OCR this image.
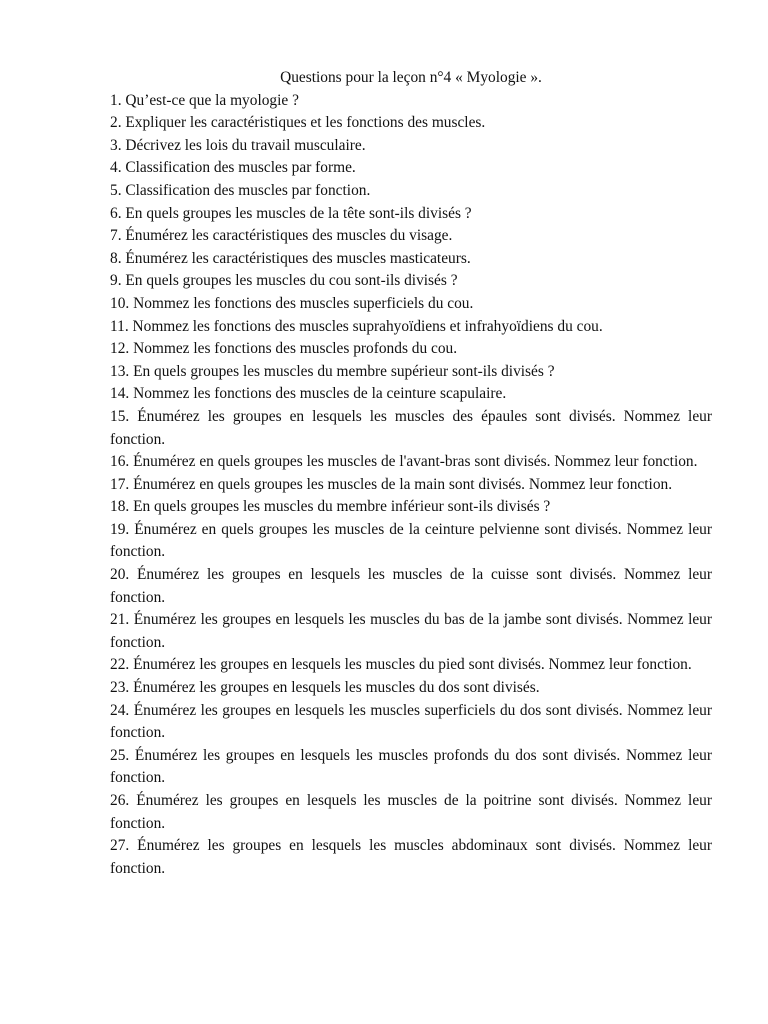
Questions pour la leçon n°4 « Myologie ».

1. Qu’est-ce que la myologie ?
2. Expliquer les caractéristiques et les fonctions des muscles.
3. Décrivez les lois du travail musculaire.
4. Classification des muscles par forme.
5. Classification des muscles par fonction.
6. En quels groupes les muscles de la tête sont-ils divisés ?
7. Énumérez les caractéristiques des muscles du visage.
8. Énumérez les caractéristiques des muscles masticateurs.
9. En quels groupes les muscles du cou sont-ils divisés ?
10. Nommez les fonctions des muscles superficiels du cou.
11. Nommez les fonctions des muscles suprahyoïdiens et infrahyoïdiens du cou.
12. Nommez les fonctions des muscles profonds du cou.
13. En quels groupes les muscles du membre supérieur sont-ils divisés ?
14. Nommez les fonctions des muscles de la ceinture scapulaire.
15. Énumérez les groupes en lesquels les muscles des épaules sont divisés. Nommez leur fonction.
16. Énumérez en quels groupes les muscles de l'avant-bras sont divisés. Nommez leur fonction.
17. Énumérez en quels groupes les muscles de la main sont divisés. Nommez leur fonction.
18. En quels groupes les muscles du membre inférieur sont-ils divisés ?
19. Énumérez en quels groupes les muscles de la ceinture pelvienne sont divisés. Nommez leur fonction.
20. Énumérez les groupes en lesquels les muscles de la cuisse sont divisés. Nommez leur fonction.
21. Énumérez les groupes en lesquels les muscles du bas de la jambe sont divisés. Nommez leur fonction.
22. Énumérez les groupes en lesquels les muscles du pied sont divisés. Nommez leur fonction.
23. Énumérez les groupes en lesquels les muscles du dos sont divisés.
24. Énumérez les groupes en lesquels les muscles superficiels du dos sont divisés. Nommez leur fonction.
25. Énumérez les groupes en lesquels les muscles profonds du dos sont divisés. Nommez leur fonction.
26. Énumérez les groupes en lesquels les muscles de la poitrine sont divisés. Nommez leur fonction.
27. Énumérez les groupes en lesquels les muscles abdominaux sont divisés. Nommez leur fonction.
